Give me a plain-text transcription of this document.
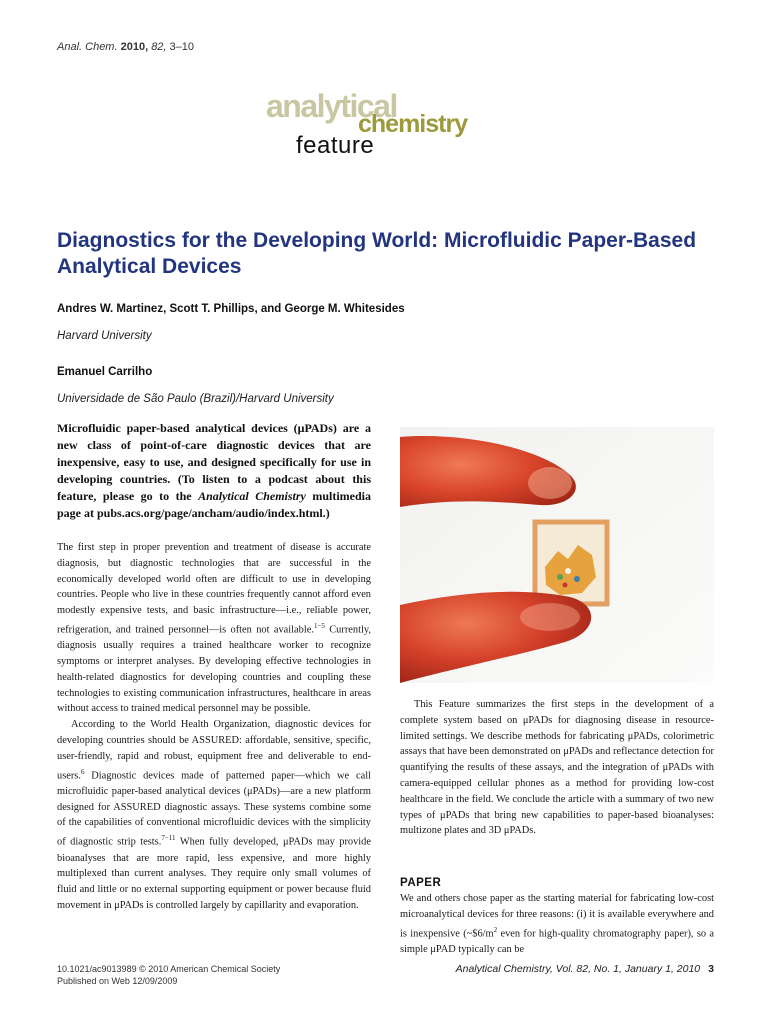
Anal. Chem. 2010, 82, 3–10
analytical
chemistry
feature
Diagnostics for the Developing World: Microfluidic Paper-Based Analytical Devices
Andres W. Martinez, Scott T. Phillips, and George M. Whitesides
Harvard University
Emanuel Carrilho
Universidade de São Paulo (Brazil)/Harvard University

Microfluidic paper-based analytical devices (μPADs) are a new class of point-of-care diagnostic devices that are inexpensive, easy to use, and designed specifically for use in developing countries. (To listen to a podcast about this feature, please go to the Analytical Chemistry multimedia page at pubs.acs.org/page/ancham/audio/index.html.)

The first step in proper prevention and treatment of disease is accurate diagnosis, but diagnostic technologies that are successful in the economically developed world often are difficult to use in developing countries. People who live in these countries frequently cannot afford even modestly expensive tests, and basic infrastructure—i.e., reliable power, refrigeration, and trained personnel—is often not available.$^{1-5}$ Currently, diagnosis usually requires a trained healthcare worker to recognize symptoms or interpret analyses. By developing effective technologies in health-related diagnostics for developing countries and coupling these technologies to existing communication infrastructures, healthcare in areas without access to trained medical personnel may be possible.

According to the World Health Organization, diagnostic devices for developing countries should be ASSURED: affordable, sensitive, specific, user-friendly, rapid and robust, equipment free and deliverable to end-users.$^6$ Diagnostic devices made of patterned paper—which we call microfluidic paper-based analytical devices (μPADs)—are a new platform designed for ASSURED diagnostic assays. These systems combine some of the capabilities of conventional microfluidic devices with the simplicity of diagnostic strip tests.$^{7-11}$ When fully developed, μPADs may provide bioanalyses that are more rapid, less expensive, and more highly multiplexed than current analyses. They require only small volumes of fluid and little or no external supporting equipment or power because fluid movement in μPADs is controlled largely by capillarity and evaporation.

This Feature summarizes the first steps in the development of a complete system based on μPADs for diagnosing disease in resource-limited settings. We describe methods for fabricating μPADs, colorimetric assays that have been demonstrated on μPADs and reflectance detection for quantifying the results of these assays, and the integration of μPADs with camera-equipped cellular phones as a method for providing low-cost healthcare in the field. We conclude the article with a summary of two new types of μPADs that bring new capabilities to paper-based bioanalyses: multizone plates and 3D μPADs.

PAPER

We and others chose paper as the starting material for fabricating low-cost microanalytical devices for three reasons: (i) it is available everywhere and is inexpensive ($\sim\$6/m^2$ even for high-quality chromatography paper), so a simple μPAD typically can be

10.1021/ac9013989 © 2010 American Chemical Society
Published on Web 12/09/2009
Analytical Chemistry, Vol. 82, No. 1, January 1, 2010 3
